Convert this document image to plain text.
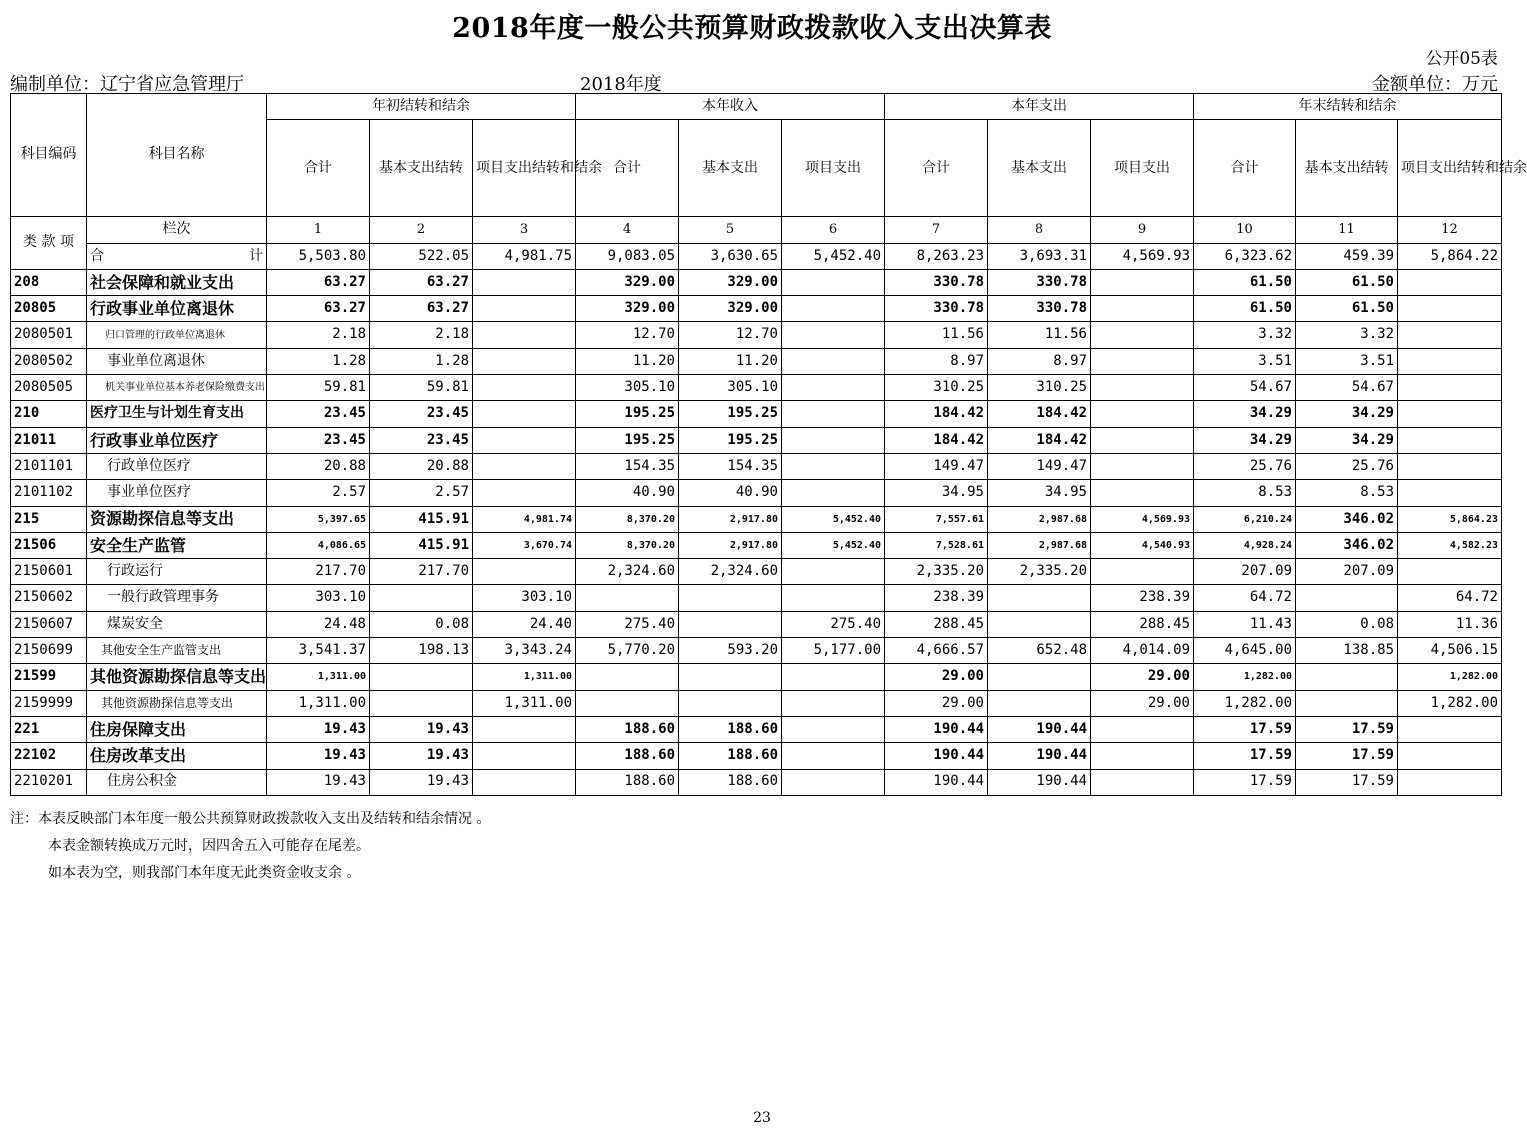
2018年度一般公共预算财政拨款收入支出决算表
公开05表
编制单位：辽宁省应急管理厅	2018年度	金额单位：万元
科目编码	科目名称	年初结转和结余			本年收入			本年支出			年末结转和结余		
		合计	基本支出结转	项目支出结转和结余	合计	基本支出	项目支出	合计	基本支出	项目支出	合计	基本支出结转	项目支出结转和结余

类 款 项	栏次	1	2	3	4	5	6	7	8	9	10	11	12

	合 计	5,503.80	522.05	4,981.75	9,083.05	3,630.65	5,452.40	8,263.23	3,693.31	4,569.93	6,323.62	459.39	5,864.22
208	社会保障和就业支出	63.27	63.27		329.00	329.00		330.78	330.78		61.50	61.50	
20805	行政事业单位离退休	63.27	63.27		329.00	329.00		330.78	330.78		61.50	61.50	
2080501	归口管理的行政单位离退休	2.18	2.18		12.70	12.70		11.56	11.56		3.32	3.32	
2080502	事业单位离退休	1.28	1.28		11.20	11.20		8.97	8.97		3.51	3.51	
2080505	机关事业单位基本养老保险缴费支出	59.81	59.81		305.10	305.10		310.25	310.25		54.67	54.67	
210	医疗卫生与计划生育支出	23.45	23.45		195.25	195.25		184.42	184.42		34.29	34.29	
21011	行政事业单位医疗	23.45	23.45		195.25	195.25		184.42	184.42		34.29	34.29	
2101101	行政单位医疗	20.88	20.88		154.35	154.35		149.47	149.47		25.76	25.76	
2101102	事业单位医疗	2.57	2.57		40.90	40.90		34.95	34.95		8.53	8.53	
215	资源勘探信息等支出	5,397.65	415.91	4,981.74	8,370.20	2,917.80	5,452.40	7,557.61	2,987.68	4,569.93	6,210.24	346.02	5,864.23
21506	安全生产监管	4,086.65	415.91	3,670.74	8,370.20	2,917.80	5,452.40	7,528.61	2,987.68	4,540.93	4,928.24	346.02	4,582.23
2150601	行政运行	217.70	217.70		2,324.60	2,324.60		2,335.20	2,335.20		207.09	207.09	
2150602	一般行政管理事务	303.10		303.10				238.39		238.39	64.72		64.72
2150607	煤炭安全	24.48	0.08	24.40	275.40		275.40	288.45		288.45	11.43	0.08	11.36
2150699	其他安全生产监管支出	3,541.37	198.13	3,343.24	5,770.20	593.20	5,177.00	4,666.57	652.48	4,014.09	4,645.00	138.85	4,506.15
21599	其他资源勘探信息等支出	1,311.00		1,311.00				29.00		29.00	1,282.00		1,282.00
2159999	其他资源勘探信息等支出	1,311.00		1,311.00				29.00		29.00	1,282.00		1,282.00
221	住房保障支出	19.43	19.43		188.60	188.60		190.44	190.44		17.59	17.59	
22102	住房改革支出	19.43	19.43		188.60	188.60		190.44	190.44		17.59	17.59	
2210201	住房公积金	19.43	19.43		188.60	188.60		190.44	190.44		17.59	17.59	
注：本表反映部门本年度一般公共预算财政拨款收入支出及结转和结余情况 。
本表金额转换成万元时，因四舍五入可能存在尾差。
如本表为空，则我部门本年度无此类资金收支余 。
23
